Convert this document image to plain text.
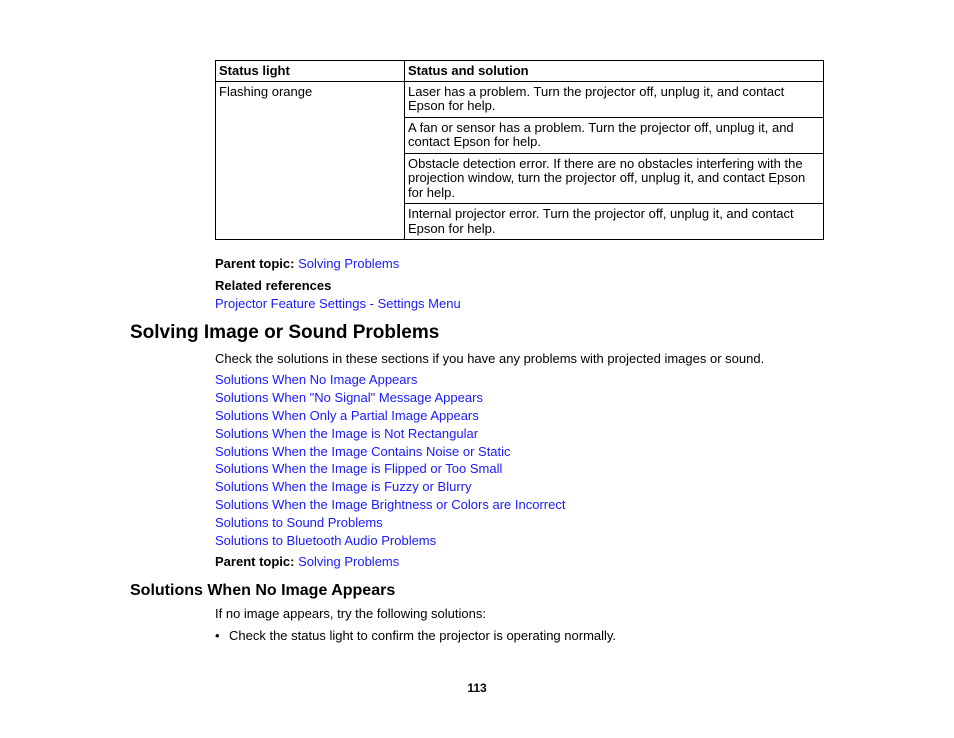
Status light	Status and solution
Flashing orange	Laser has a problem. Turn the projector off, unplug it, and contact Epson for help.
	A fan or sensor has a problem. Turn the projector off, unplug it, and contact Epson for help.
	Obstacle detection error. If there are no obstacles interfering with the projection window, turn the projector off, unplug it, and contact Epson for help.
	Internal projector error. Turn the projector off, unplug it, and contact Epson for help.
Parent topic: Solving Problems
Related references
Projector Feature Settings - Settings Menu
Solving Image or Sound Problems
Check the solutions in these sections if you have any problems with projected images or sound.
Solutions When No Image Appears
Solutions When "No Signal" Message Appears
Solutions When Only a Partial Image Appears
Solutions When the Image is Not Rectangular
Solutions When the Image Contains Noise or Static
Solutions When the Image is Flipped or Too Small
Solutions When the Image is Fuzzy or Blurry
Solutions When the Image Brightness or Colors are Incorrect
Solutions to Sound Problems
Solutions to Bluetooth Audio Problems
Parent topic: Solving Problems
Solutions When No Image Appears
If no image appears, try the following solutions:
• Check the status light to confirm the projector is operating normally.
113
